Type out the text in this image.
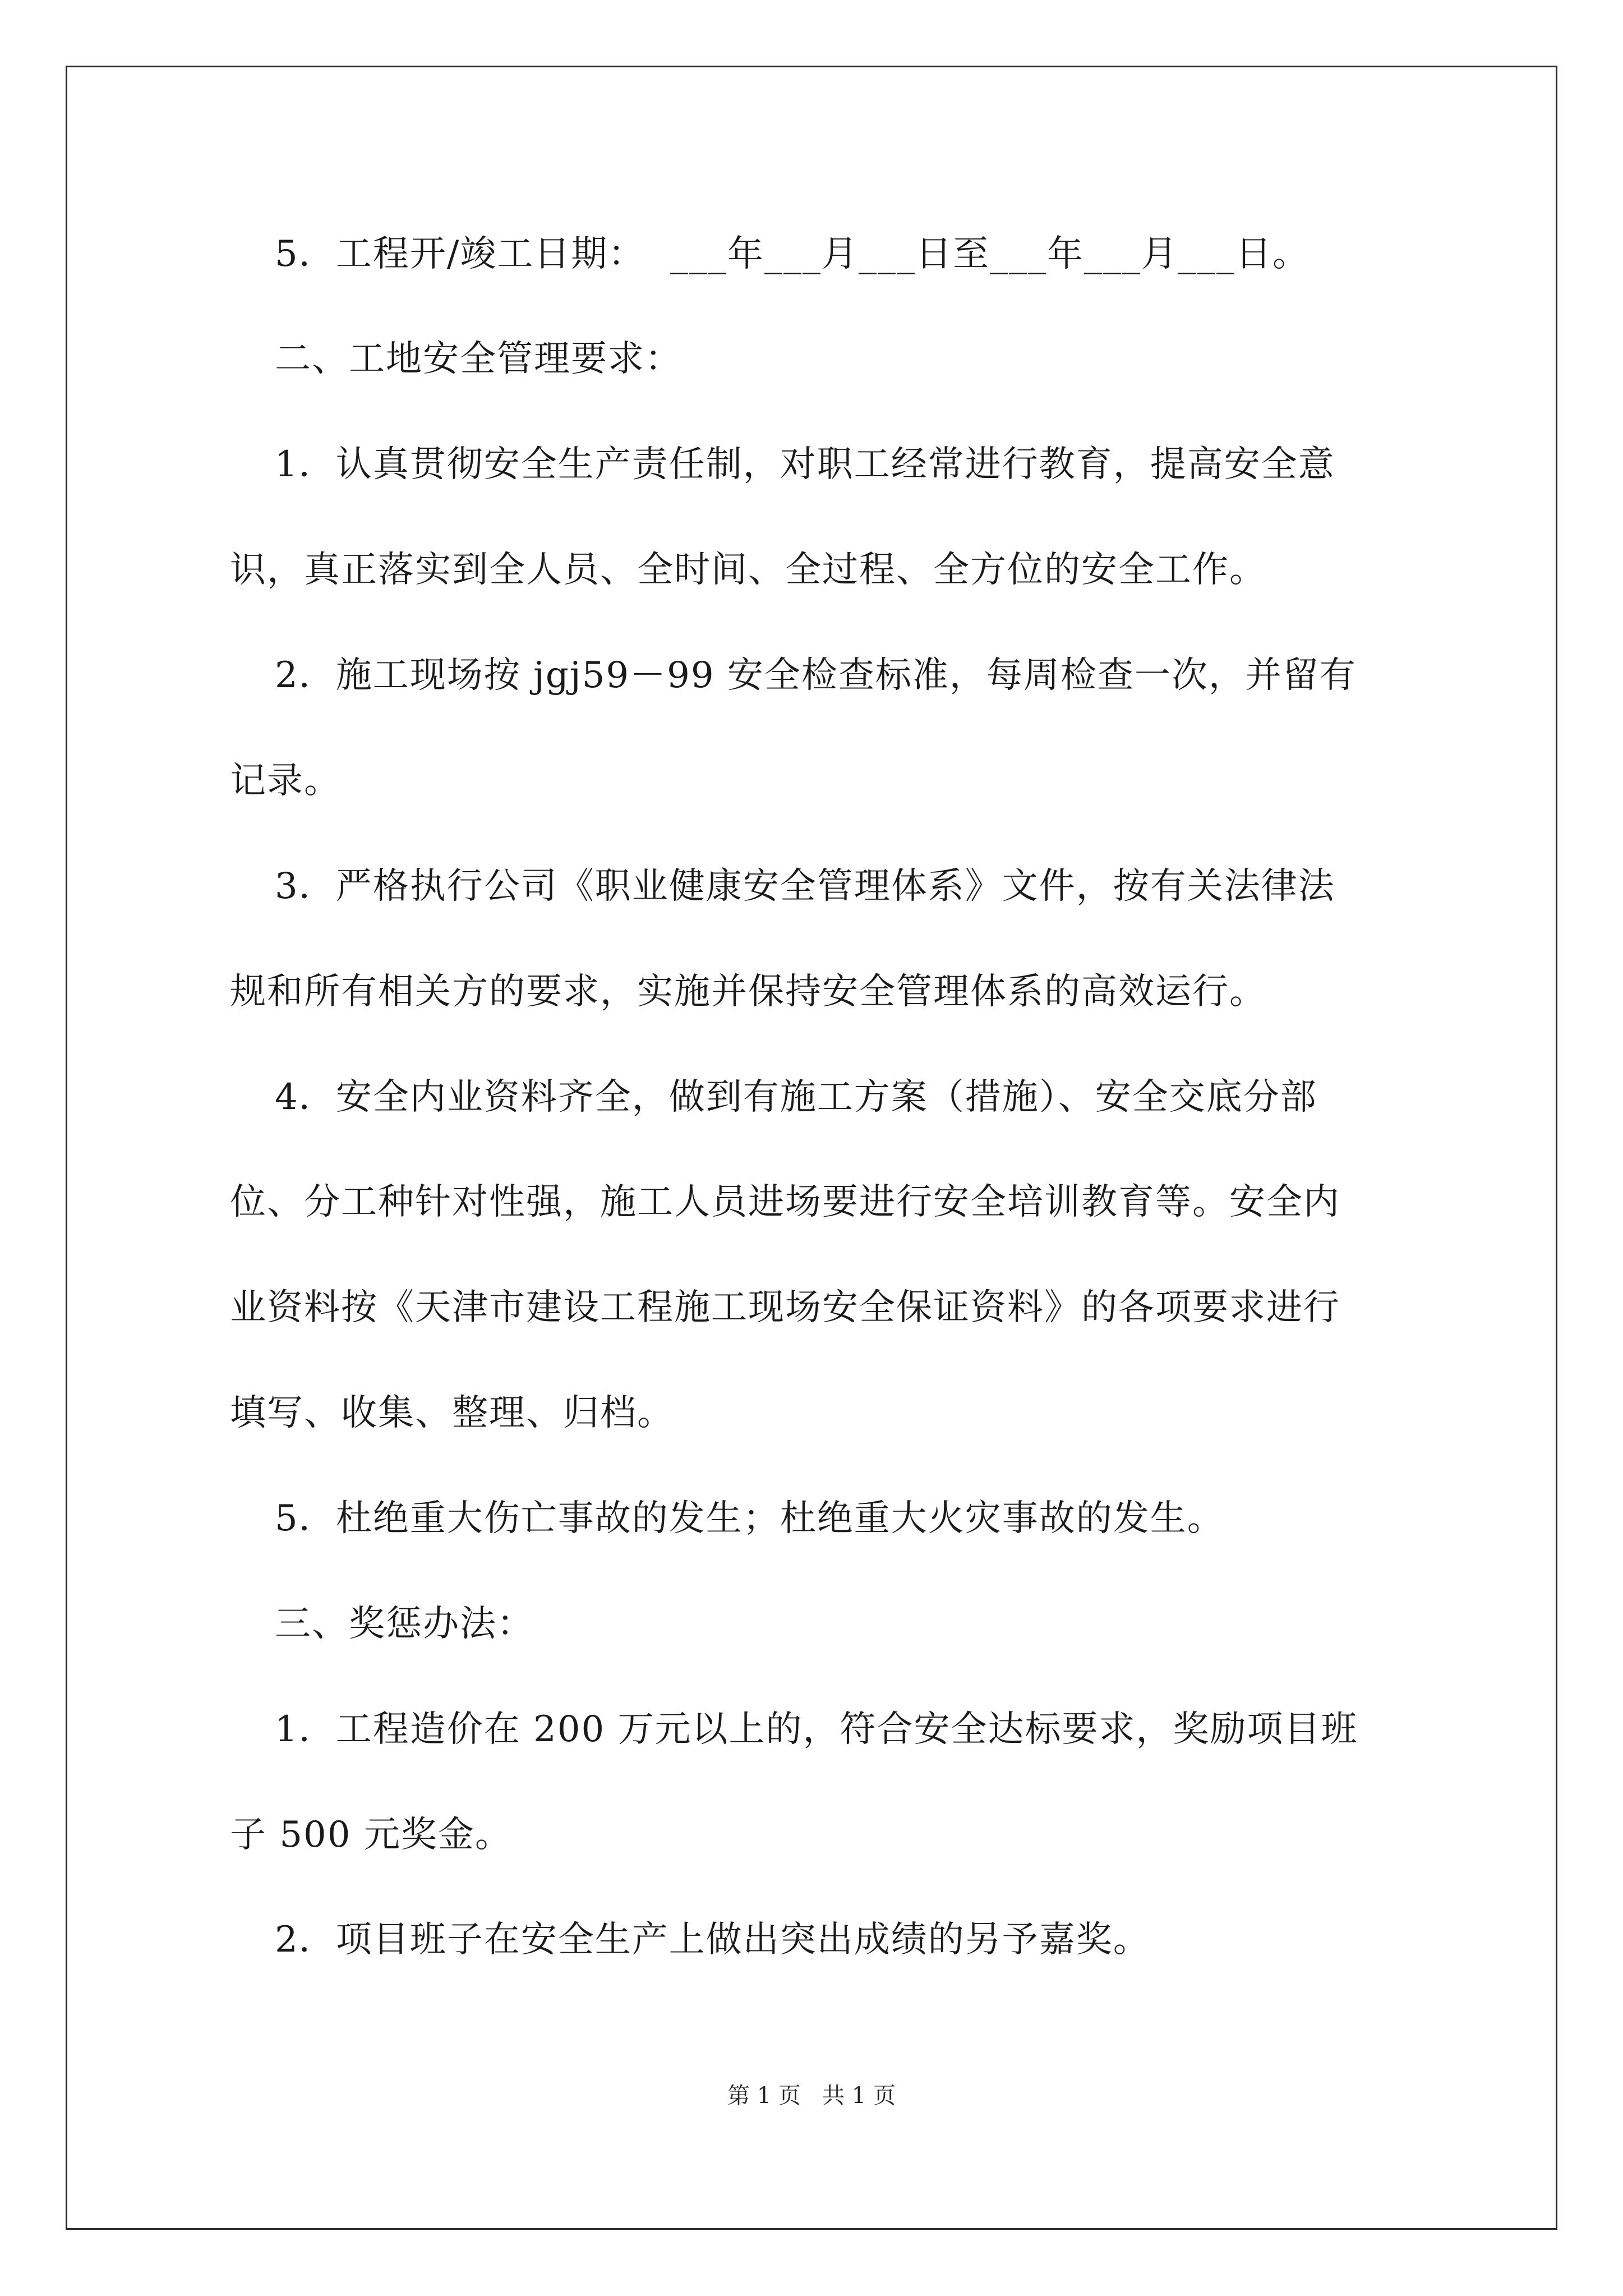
5．工程开/竣工日期：  ___年___月___日至___年___月___日。
二、工地安全管理要求：
1．认真贯彻安全生产责任制，对职工经常进行教育，提高安全意
识，真正落实到全人员、全时间、全过程、全方位的安全工作。
2．施工现场按 jgj59－99 安全检查标准，每周检查一次，并留有
记录。
3．严格执行公司《职业健康安全管理体系》文件，按有关法律法
规和所有相关方的要求，实施并保持安全管理体系的高效运行。
4．安全内业资料齐全，做到有施工方案（措施）、安全交底分部
位、分工种针对性强，施工人员进场要进行安全培训教育等。安全内
业资料按《天津市建设工程施工现场安全保证资料》的各项要求进行
填写、收集、整理、归档。
5．杜绝重大伤亡事故的发生；杜绝重大火灾事故的发生。
三、奖惩办法：
1．工程造价在 200 万元以上的，符合安全达标要求，奖励项目班
子 500 元奖金。
2．项目班子在安全生产上做出突出成绩的另予嘉奖。
第 1 页   共 1 页
